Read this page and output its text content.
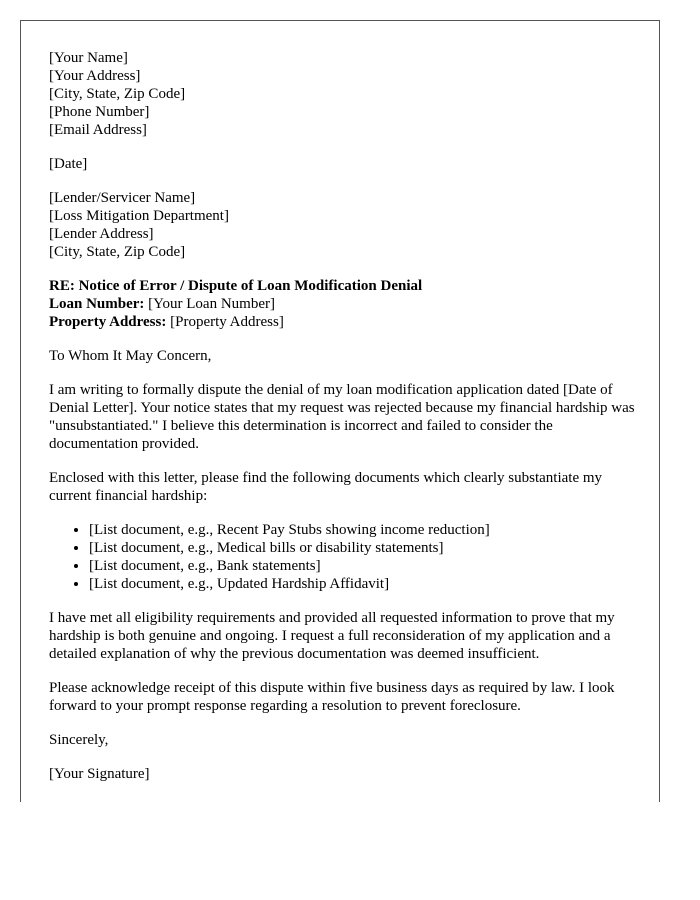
[Your Name]
[Your Address]
[City, State, Zip Code]
[Phone Number]
[Email Address]
[Date]
[Lender/Servicer Name]
[Loss Mitigation Department]
[Lender Address]
[City, State, Zip Code]
RE: Notice of Error / Dispute of Loan Modification Denial
Loan Number: [Your Loan Number]
Property Address: [Property Address]

To Whom It May Concern,

I am writing to formally dispute the denial of my loan modification application dated [Date of Denial Letter]. Your notice states that my request was rejected because my financial hardship was "unsubstantiated." I believe this determination is incorrect and failed to consider the documentation provided.

Enclosed with this letter, please find the following documents which clearly substantiate my current financial hardship:

• [List document, e.g., Recent Pay Stubs showing income reduction]
• [List document, e.g., Medical bills or disability statements]
• [List document, e.g., Bank statements]
• [List document, e.g., Updated Hardship Affidavit]

I have met all eligibility requirements and provided all requested information to prove that my hardship is both genuine and ongoing. I request a full reconsideration of my application and a detailed explanation of why the previous documentation was deemed insufficient.

Please acknowledge receipt of this dispute within five business days as required by law. I look forward to your prompt response regarding a resolution to prevent foreclosure.

Sincerely,

[Your Signature]
